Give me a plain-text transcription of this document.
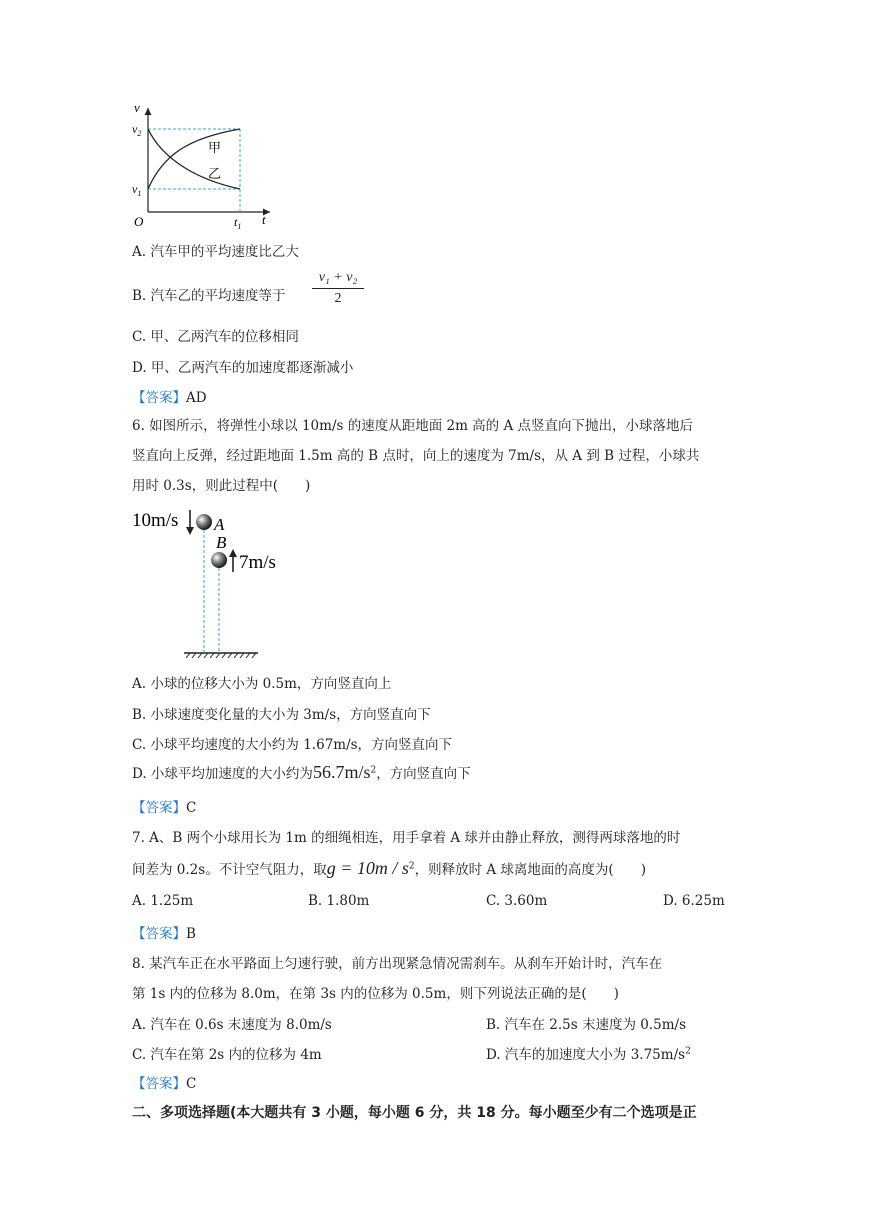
v
t
O
$v_2$
$v_1$
$t_1$
甲
乙
A. 汽车甲的平均速度比乙大
B. 汽车乙的平均速度等于 $\frac{\text{v₁ + v₂}}{2}$
C. 甲、乙两汽车的位移相同
D. 甲、乙两汽车的加速度都逐渐减小
【答案】AD
6. 如图所示，将弹性小球以 10m/s 的速度从距地面 2m 高的 A 点竖直向下抛出，小球落地后
竖直向上反弹，经过距地面 1.5m 高的 B 点时，向上的速度为 7m/s，从 A 到 B 过程，小球共
用时 0.3s，则此过程中(　　)
10m/s A
B
7m/s
A. 小球的位移大小为 0.5m，方向竖直向上
B. 小球速度变化量的大小为 3m/s，方向竖直向下
C. 小球平均速度的大小约为 1.67m/s，方向竖直向下
D. 小球平均加速度的大小约为$56.7m/s^2$，方向竖直向下
【答案】C
7. A、B 两个小球用长为 1m 的细绳相连，用手拿着 A 球并由静止释放，测得两球落地的时
间差为 0.2s。不计空气阻力，取$g = 10m / s^2$，则释放时 A 球离地面的高度为(　　)
A. 1.25m	B. 1.80m	C. 3.60m	D. 6.25m
【答案】B
8. 某汽车正在水平路面上匀速行驶，前方出现紧急情况需刹车。从刹车开始计时，汽车在
第 1s 内的位移为 8.0m，在第 3s 内的位移为 0.5m，则下列说法正确的是(　　)
A. 汽车在 0.6s 末速度为 8.0m/s	B. 汽车在 2.5s 末速度为 0.5m/s
C. 汽车在第 2s 内的位移为 4m	D. 汽车的加速度大小为 $3.75m/s^2$
【答案】C
二、多项选择题(本大题共有 3 小题，每小题 6 分，共 18 分。每小题至少有二个选项是正
